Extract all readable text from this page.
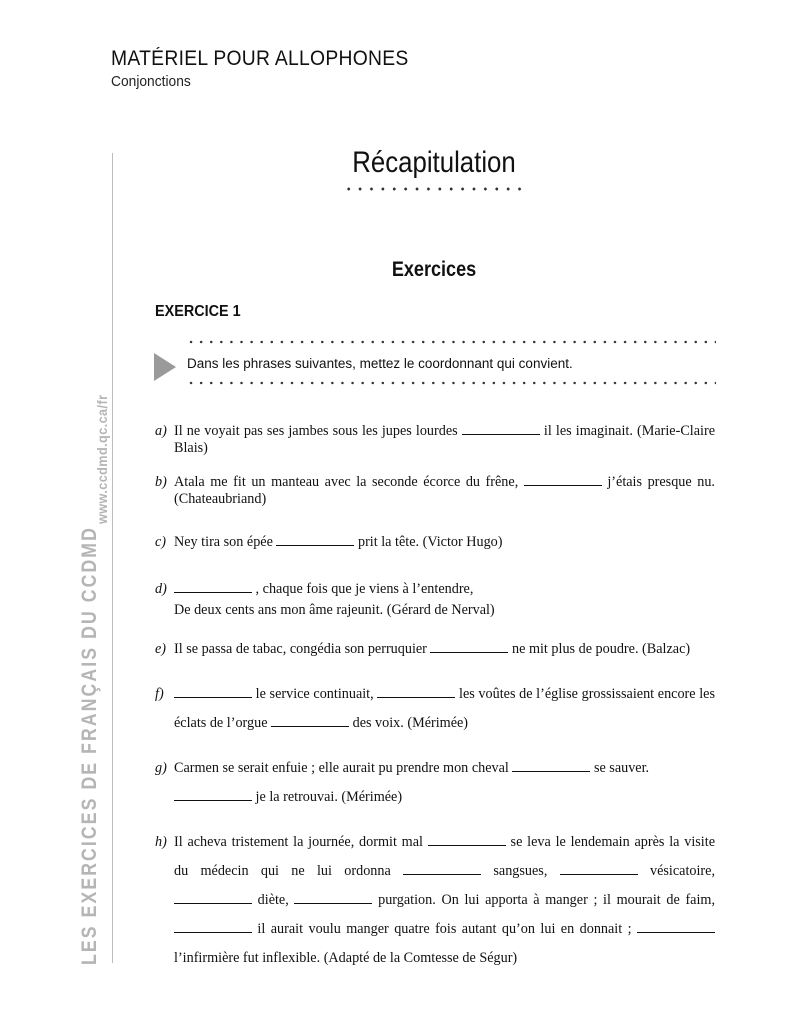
MATÉRIEL POUR ALLOPHONES
Conjonctions
LES EXERCICES DE FRANÇAIS DU CCDMD
www.ccdmd.qc.ca/fr
Récapitulation
Exercices
EXERCICE 1
Dans les phrases suivantes, mettez le coordonnant qui convient.
a) Il ne voyait pas ses jambes sous les jupes lourdes	il les imaginait. (Marie-Claire Blais)
b) Atala me fit un manteau avec la seconde écorce du frêne,	j’étais presque nu. (Chateaubriand)
c) Ney tira son épée	prit la tête. (Victor Hugo)
d)	, chaque fois que je viens à l’entendre,
De deux cents ans mon âme rajeunit. (Gérard de Nerval)
e) Il se passa de tabac, congédia son perruquier	ne mit plus de poudre. (Balzac)
f)	le service continuait,	les voûtes de l’église grossissaient encore les éclats de l’orgue	des voix. (Mérimée)
g) Carmen se serait enfuie ; elle aurait pu prendre mon cheval	se sauver.
je la retrouvai. (Mérimée)
h) Il acheva tristement la journée, dormit mal	se leva le lendemain après la visite du médecin qui ne lui ordonna	sangsues,	vésicatoire,  diète,	purgation. On lui apporta à manger ; il mourait de faim,  il aurait voulu manger quatre fois autant qu’on lui en donnait ;  l’infirmière fut inflexible. (Adapté de la Comtesse de Ségur)
